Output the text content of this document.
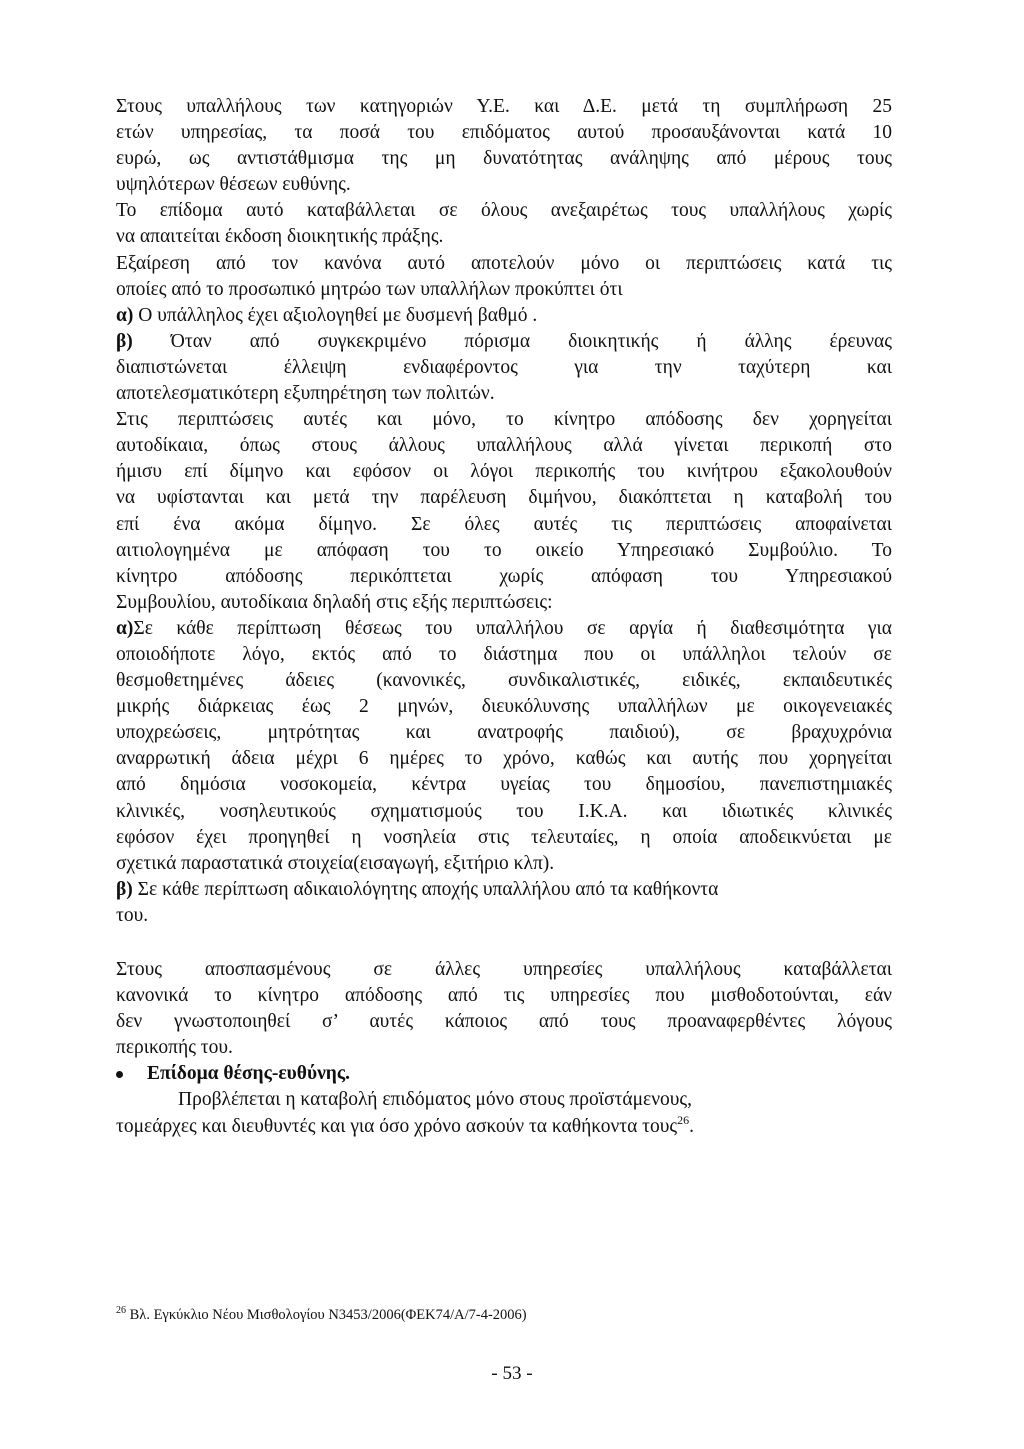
Στους υπαλλήλους των κατηγοριών Υ.Ε. και Δ.Ε. μετά τη συμπλήρωση 25
ετών υπηρεσίας, τα ποσά του επιδόματος αυτού προσαυξάνονται κατά 10
ευρώ, ως αντιστάθμισμα της μη δυνατότητας ανάληψης από μέρους τους
υψηλότερων θέσεων ευθύνης.

Το επίδομα αυτό καταβάλλεται σε όλους ανεξαιρέτως τους υπαλλήλους χωρίς
να απαιτείται έκδοση διοικητικής πράξης.

Εξαίρεση από τον κανόνα αυτό αποτελούν μόνο οι περιπτώσεις κατά τις
οποίες από το προσωπικό μητρώο των υπαλλήλων προκύπτει ότι
α) Ο υπάλληλος έχει αξιολογηθεί με δυσμενή βαθμό .
β) Όταν από συγκεκριμένο πόρισμα διοικητικής ή άλλης έρευνας
διαπιστώνεται έλλειψη ενδιαφέροντος για την ταχύτερη και
αποτελεσματικότερη εξυπηρέτηση των πολιτών.

Στις περιπτώσεις αυτές και μόνο, το κίνητρο απόδοσης δεν χορηγείται
αυτοδίκαια, όπως στους άλλους υπαλλήλους αλλά γίνεται περικοπή στο
ήμισυ επί δίμηνο και εφόσον οι λόγοι περικοπής του κινήτρου εξακολουθούν
να υφίστανται και μετά την παρέλευση διμήνου, διακόπτεται η καταβολή του
επί ένα ακόμα δίμηνο. Σε όλες αυτές τις περιπτώσεις αποφαίνεται
αιτιολογημένα με απόφαση του το οικείο Υπηρεσιακό Συμβούλιο. Το
κίνητρο απόδοσης περικόπτεται χωρίς απόφαση του Υπηρεσιακού
Συμβουλίου, αυτοδίκαια δηλαδή στις εξής περιπτώσεις:
α)Σε κάθε περίπτωση θέσεως του υπαλλήλου σε αργία ή διαθεσιμότητα για
οποιοδήποτε λόγο, εκτός από το διάστημα που οι υπάλληλοι τελούν σε
θεσμοθετημένες άδειες (κανονικές, συνδικαλιστικές, ειδικές, εκπαιδευτικές
μικρής διάρκειας έως 2 μηνών, διευκόλυνσης υπαλλήλων με οικογενειακές
υποχρεώσεις, μητρότητας και ανατροφής παιδιού), σε βραχυχρόνια
αναρρωτική άδεια μέχρι 6 ημέρες το χρόνο, καθώς και αυτής που χορηγείται
από δημόσια νοσοκομεία, κέντρα υγείας του δημοσίου, πανεπιστημιακές
κλινικές, νοσηλευτικούς σχηματισμούς του Ι.Κ.Α. και ιδιωτικές κλινικές
εφόσον έχει προηγηθεί η νοσηλεία στις τελευταίες, η οποία αποδεικνύεται με
σχετικά παραστατικά στοιχεία(εισαγωγή, εξιτήριο κλπ).
β) Σε κάθε περίπτωση αδικαιολόγητης αποχής υπαλλήλου από τα καθήκοντα
του.

Στους αποσπασμένους σε άλλες υπηρεσίες υπαλλήλους καταβάλλεται
κανονικά το κίνητρο απόδοσης από τις υπηρεσίες που μισθοδοτούνται, εάν
δεν γνωστοποιηθεί σ’ αυτές κάποιος από τους προαναφερθέντες λόγους
περικοπής του.

Επίδομα θέσης-ευθύνης.
Προβλέπεται η καταβολή επιδόματος μόνο στους προϊστάμενους,
τομεάρχες και διευθυντές και για όσο χρόνο ασκούν τα καθήκοντα τους$^{26}$.
$^{26}$ Βλ. Εγκύκλιο Νέου Μισθολογίου Ν3453/2006(ΦΕΚ74/Α/7-4-2006)
- 53 -
